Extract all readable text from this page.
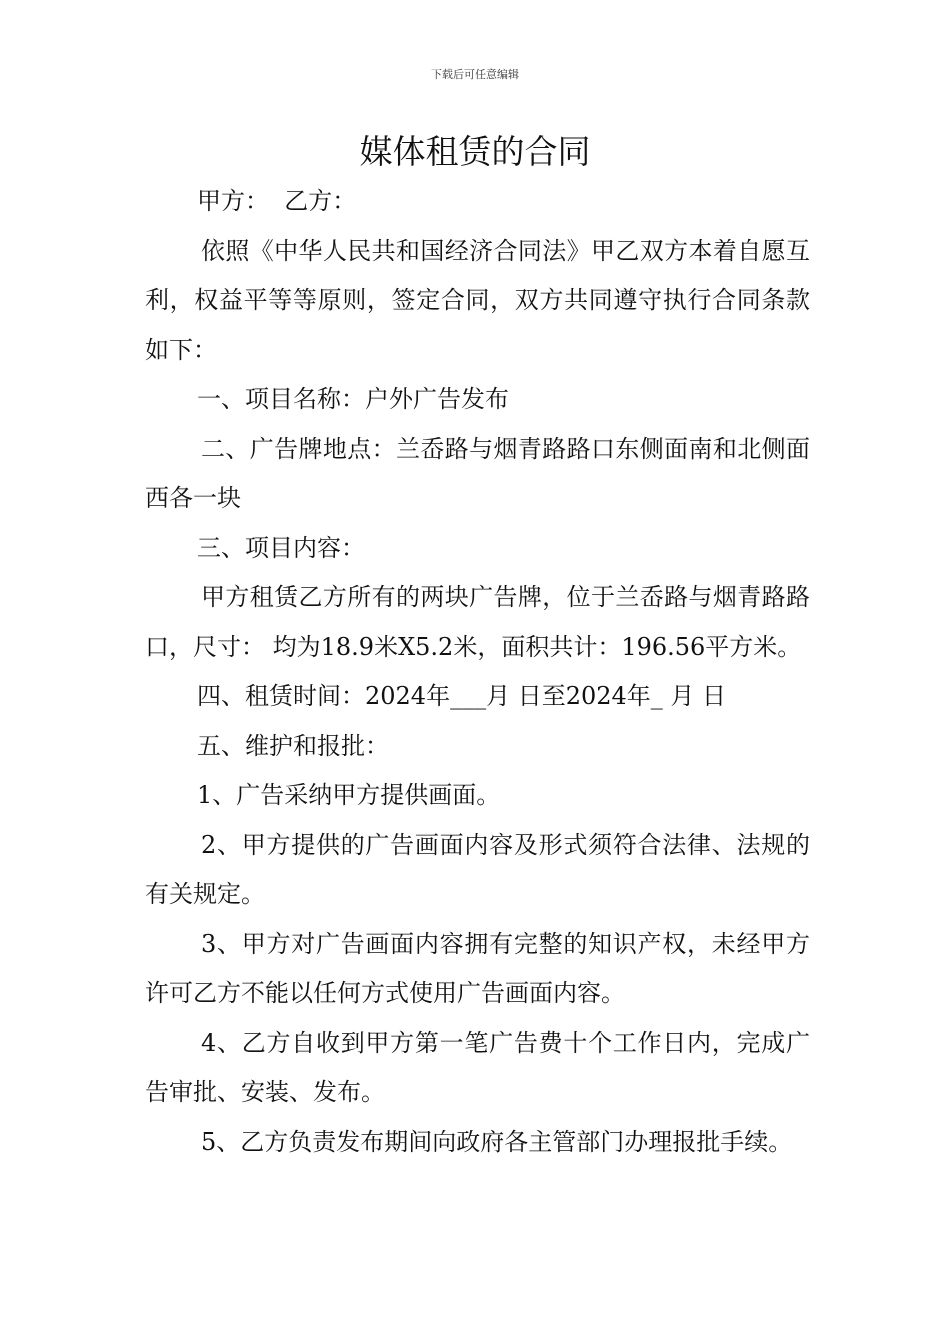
下载后可任意编辑
媒体租赁的合同

甲方：  乙方：

依照《中华人民共和国经济合同法》甲乙双方本着自愿互利，权益平等等原则，签定合同，双方共同遵守执行合同条款如下：

一、项目名称：户外广告发布

二、广告牌地点：兰岙路与烟青路路口东侧面南和北侧面西各一块

三、项目内容：

甲方租赁乙方所有的两块广告牌，位于兰岙路与烟青路路口，尺寸： 均为18.9米X5.2米，面积共计：196.56平方米。

四、租赁时间：2024年___月 日至2024年_ 月 日

五、维护和报批：

1、广告采纳甲方提供画面。

2、甲方提供的广告画面内容及形式须符合法律、法规的有关规定。

3、甲方对广告画面内容拥有完整的知识产权，未经甲方许可乙方不能以任何方式使用广告画面内容。

4、乙方自收到甲方第一笔广告费十个工作日内，完成广告审批、安装、发布。

5、乙方负责发布期间向政府各主管部门办理报批手续。
